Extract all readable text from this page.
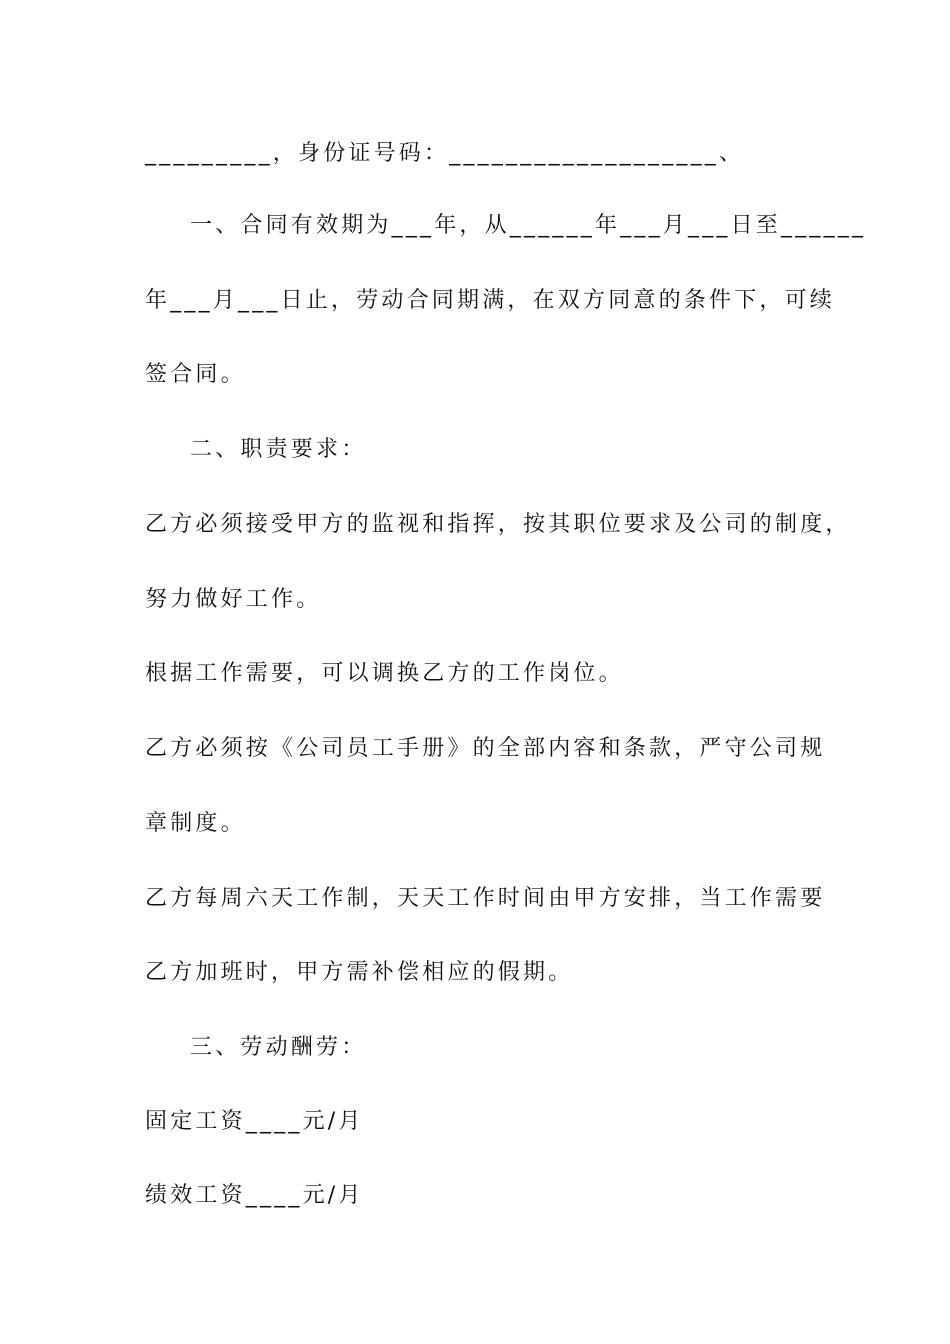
_________，身份证号码：___________________、
一、合同有效期为___年，从______年___月___日至______
年___月___日止，劳动合同期满，在双方同意的条件下，可续
签合同。
二、职责要求：
乙方必须接受甲方的监视和指挥，按其职位要求及公司的制度，
努力做好工作。
根据工作需要，可以调换乙方的工作岗位。
乙方必须按《公司员工手册》的全部内容和条款，严守公司规
章制度。
乙方每周六天工作制，天天工作时间由甲方安排，当工作需要
乙方加班时，甲方需补偿相应的假期。
三、劳动酬劳：
固定工资____元/月
绩效工资____元/月
